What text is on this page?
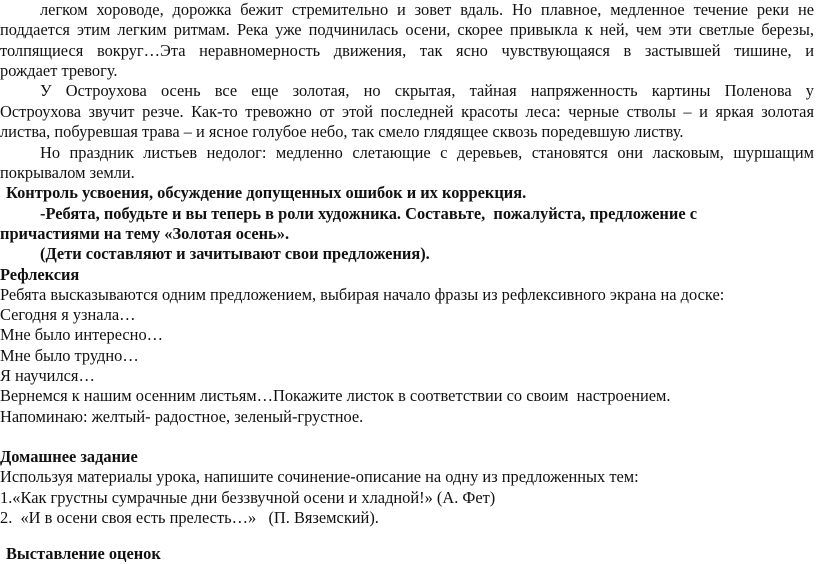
легком хороводе, дорожка бежит стремительно и зовет вдаль. Но плавное, медленное течение реки не
поддается этим легким ритмам. Река уже подчинилась осени, скорее привыкла к ней, чем эти светлые березы,
толпящиеся вокруг…Эта неравномерность движения, так ясно чувствующаяся в застывшей тишине, и
рождает тревогу.
У Остроухова осень все еще золотая, но скрытая, тайная напряженность картины Поленова у
Остроухова звучит резче. Как-то тревожно от этой последней красоты леса: черные стволы – и яркая золотая
листва, побуревшая трава – и ясное голубое небо, так смело глядящее сквозь поредевшую листву.
Но праздник листьев недолог: медленно слетающие с деревьев, становятся они ласковым, шуршащим
покрывалом земли.
Контроль усвоения, обсуждение допущенных ошибок и их коррекция.
-Ребята, побудьте и вы теперь в роли художника. Составьте,  пожалуйста, предложение с
причастиями на тему «Золотая осень».
(Дети составляют и зачитывают свои предложения).
Рефлексия
Ребята высказываются одним предложением, выбирая начало фразы из рефлексивного экрана на доске:
Сегодня я узнала…
Мне было интересно…
Мне было трудно…
Я научился…
Вернемся к нашим осенним листьям…Покажите листок в соответствии со своим  настроением.
Напоминаю: желтый- радостное, зеленый-грустное.
Домашнее задание
Используя материалы урока, напишите сочинение-описание на одну из предложенных тем:
1.«Как грустны сумрачные дни беззвучной осени и хладной!» (А. Фет)
2.  «И в осени своя есть прелесть…»   (П. Вяземский).
Выставление оценок
